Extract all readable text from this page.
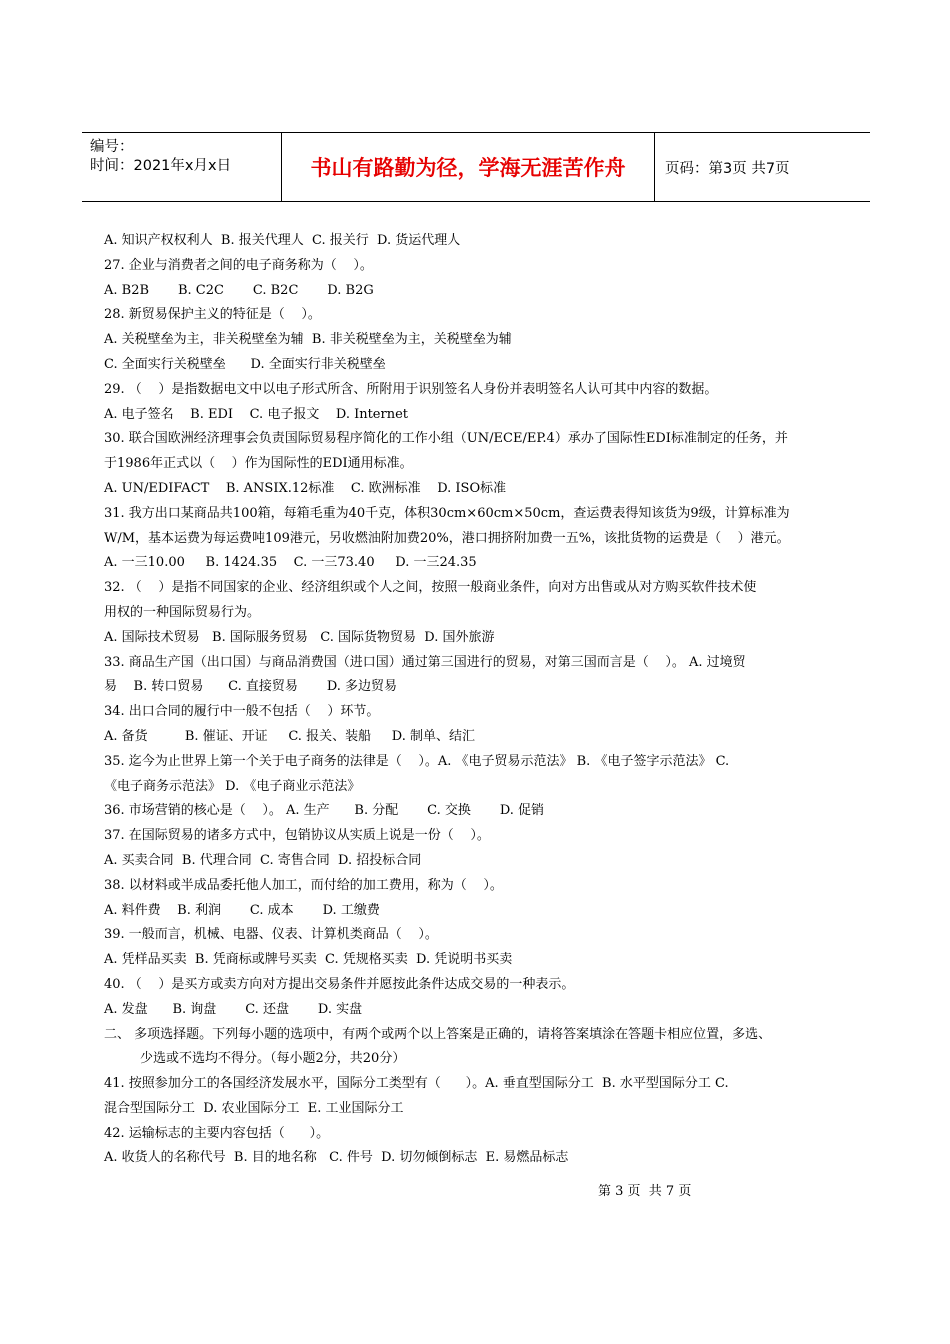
编号：
时间：2021年x月x日	书山有路勤为径，学海无涯苦作舟	页码：第3页 共7页
A. 知识产权权利人  B. 报关代理人  C. 报关行  D. 货运代理人
27. 企业与消费者之间的电子商务称为（    ）。
A. B2B       B. C2C       C. B2C       D. B2G
28. 新贸易保护主义的特征是（    ）。
A. 关税壁垒为主，非关税壁垒为辅  B. 非关税壁垒为主，关税壁垒为辅
C. 全面实行关税壁垒      D. 全面实行非关税壁垒
29. （    ）是指数据电文中以电子形式所含、所附用于识别签名人身份并表明签名人认可其中内容的数据。
A. 电子签名    B. EDI    C. 电子报文    D. Internet
30. 联合国欧洲经济理事会负责国际贸易程序简化的工作小组（UN/ECE/EP.4）承办了国际性EDI标准制定的任务，并
于1986年正式以（    ）作为国际性的EDI通用标准。
A. UN/EDIFACT    B. ANSIX.12标准    C. 欧洲标准    D. ISO标准
31. 我方出口某商品共100箱，每箱毛重为40千克，体积30cm×60cm×50cm，查运费表得知该货为9级，计算标准为
W/M，基本运费为每运费吨109港元，另收燃油附加费20%，港口拥挤附加费一五%，该批货物的运费是（    ）港元。
A. 一三10.00     B. 1424.35    C. 一三73.40     D. 一三24.35
32. （    ）是指不同国家的企业、经济组织或个人之间，按照一般商业条件，向对方出售或从对方购买软件技术使
用权的一种国际贸易行为。
A. 国际技术贸易   B. 国际服务贸易   C. 国际货物贸易  D. 国外旅游
33. 商品生产国（出口国）与商品消费国（进口国）通过第三国进行的贸易，对第三国而言是（    ）。 A. 过境贸
易    B. 转口贸易      C. 直接贸易       D. 多边贸易
34. 出口合同的履行中一般不包括（    ）环节。
A. 备货         B. 催证、开证     C. 报关、装船     D. 制单、结汇
35. 迄今为止世界上第一个关于电子商务的法律是（    ）。A. 《电子贸易示范法》 B. 《电子签字示范法》 C.
《电子商务示范法》 D. 《电子商业示范法》
36. 市场营销的核心是（    ）。 A. 生产      B. 分配       C. 交换       D. 促销
37. 在国际贸易的诸多方式中，包销协议从实质上说是一份（    ）。
A. 买卖合同  B. 代理合同  C. 寄售合同  D. 招投标合同
38. 以材料或半成品委托他人加工，而付给的加工费用，称为（    ）。
A. 料件费    B. 利润       C. 成本       D. 工缴费
39. 一般而言，机械、电器、仪表、计算机类商品（    ）。
A. 凭样品买卖  B. 凭商标或牌号买卖  C. 凭规格买卖  D. 凭说明书买卖
40. （    ）是买方或卖方向对方提出交易条件并愿按此条件达成交易的一种表示。
A. 发盘      B. 询盘       C. 还盘       D. 实盘
二、 多项选择题。下列每小题的选项中，有两个或两个以上答案是正确的，请将答案填涂在答题卡相应位置，多选、
少选或不选均不得分。（每小题2分，共20分）
41. 按照参加分工的各国经济发展水平，国际分工类型有（      ）。A. 垂直型国际分工  B. 水平型国际分工 C.
混合型国际分工  D. 农业国际分工  E. 工业国际分工
42. 运输标志的主要内容包括（      ）。
A. 收货人的名称代号  B. 目的地名称   C. 件号  D. 切勿倾倒标志  E. 易燃品标志
第 3 页  共 7 页
